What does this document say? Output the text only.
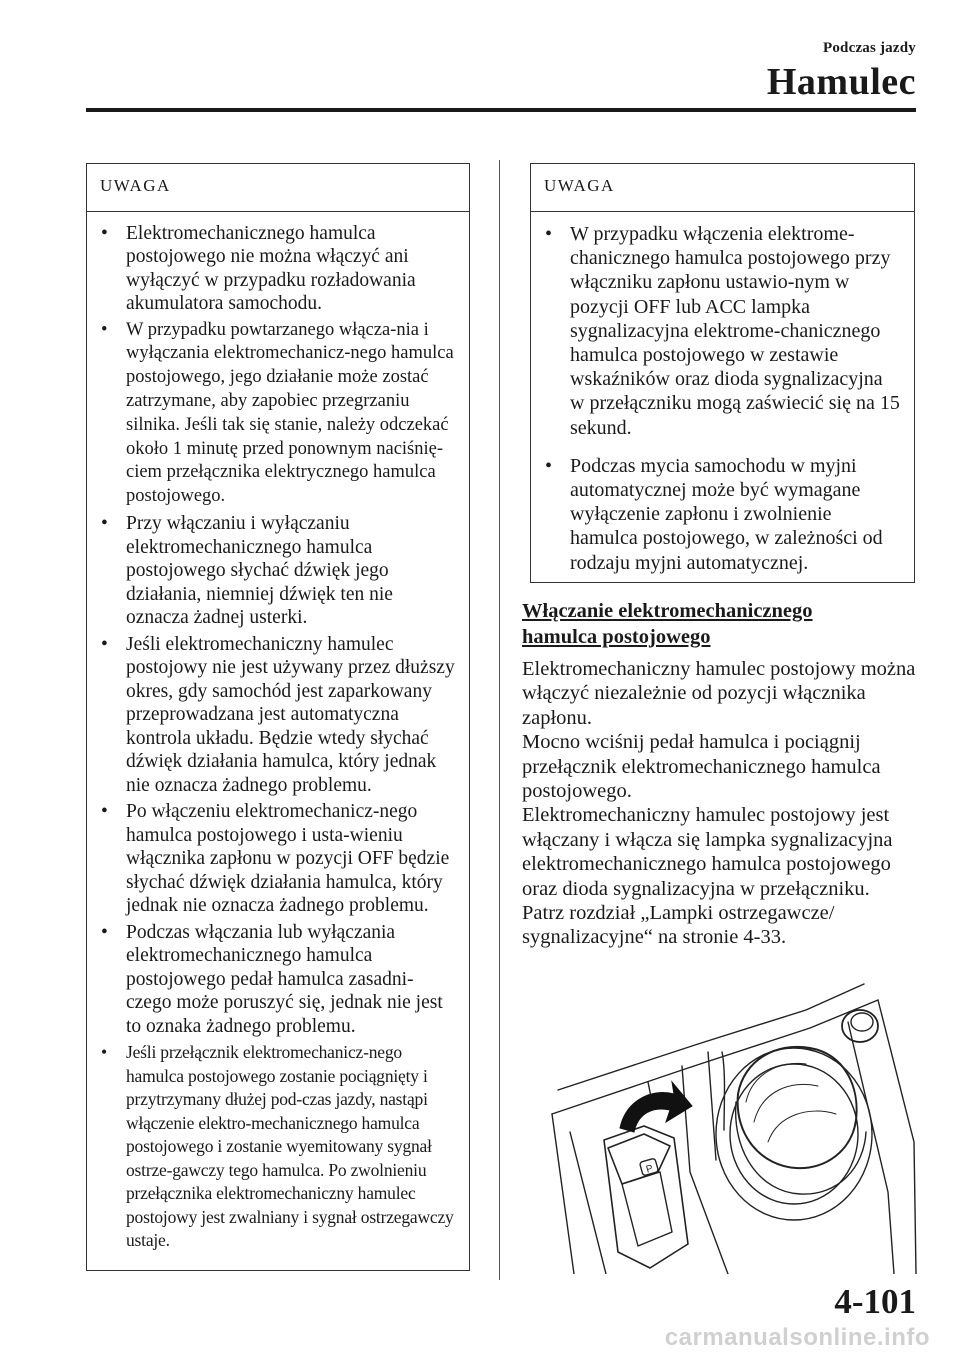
Podczas jazdy
Hamulec
UWAGA
• Elektromechanicznego hamulca postojowego nie można włączyć ani wyłączyć w przypadku rozładowania akumulatora samochodu.
• W przypadku powtarzanego włącza-nia i wyłączania elektromechanicz-nego hamulca postojowego, jego działanie może zostać zatrzymane, aby zapobiec przegrzaniu silnika. Jeśli tak się stanie, należy odczekać około 1 minutę przed ponownym naciśnię-ciem przełącznika elektrycznego hamulca postojowego.
• Przy włączaniu i wyłączaniu elektromechanicznego hamulca postojowego słychać dźwięk jego działania, niemniej dźwięk ten nie oznacza żadnej usterki.
• Jeśli elektromechaniczny hamulec postojowy nie jest używany przez dłuższy okres, gdy samochód jest zaparkowany przeprowadzana jest automatyczna kontrola układu. Będzie wtedy słychać dźwięk działania hamulca, który jednak nie oznacza żadnego problemu.
• Po włączeniu elektromechanicz-nego hamulca postojowego i usta-wieniu włącznika zapłonu w pozycji OFF będzie słychać dźwięk działania hamulca, który jednak nie oznacza żadnego problemu.
• Podczas włączania lub wyłączania elektromechanicznego hamulca postojowego pedał hamulca zasadni-czego może poruszyć się, jednak nie jest to oznaka żadnego problemu.
• Jeśli przełącznik elektromechanicz-nego hamulca postojowego zostanie pociągnięty i przytrzymany dłużej pod-czas jazdy, nastąpi włączenie elektro-mechanicznego hamulca postojowego i zostanie wyemitowany sygnał ostrze-gawczy tego hamulca. Po zwolnieniu przełącznika elektromechaniczny hamulec postojowy jest zwalniany i sygnał ostrzegawczy ustaje.
UWAGA
• W przypadku włączenia elektrome-chanicznego hamulca postojowego przy włączniku zapłonu ustawio-nym w pozycji OFF lub ACC lampka sygnalizacyjna elektrome-chanicznego hamulca postojowego w zestawie wskaźników oraz dioda sygnalizacyjna w przełączniku mogą zaświecić się na 15 sekund.
• Podczas mycia samochodu w myjni automatycznej może być wymagane wyłączenie zapłonu i zwolnienie hamulca postojowego, w zależności od rodzaju myjni automatycznej.
Włączanie elektromechanicznego
hamulca postojowego

Elektromechaniczny hamulec postojowy można włączyć niezależnie od pozycji włącznika zapłonu.

Mocno wciśnij pedał hamulca i pociągnij przełącznik elektromechanicznego hamulca postojowego.

Elektromechaniczny hamulec postojowy jest włączany i włącza się lampka sygnalizacyjna elektromechanicznego hamulca postojowego oraz dioda sygnalizacyjna w przełączniku.

Patrz rozdział „Lampki ostrzegawcze/ sygnalizacyjne“ na stronie 4-33.

P
4-101
carmanualsonline.info
